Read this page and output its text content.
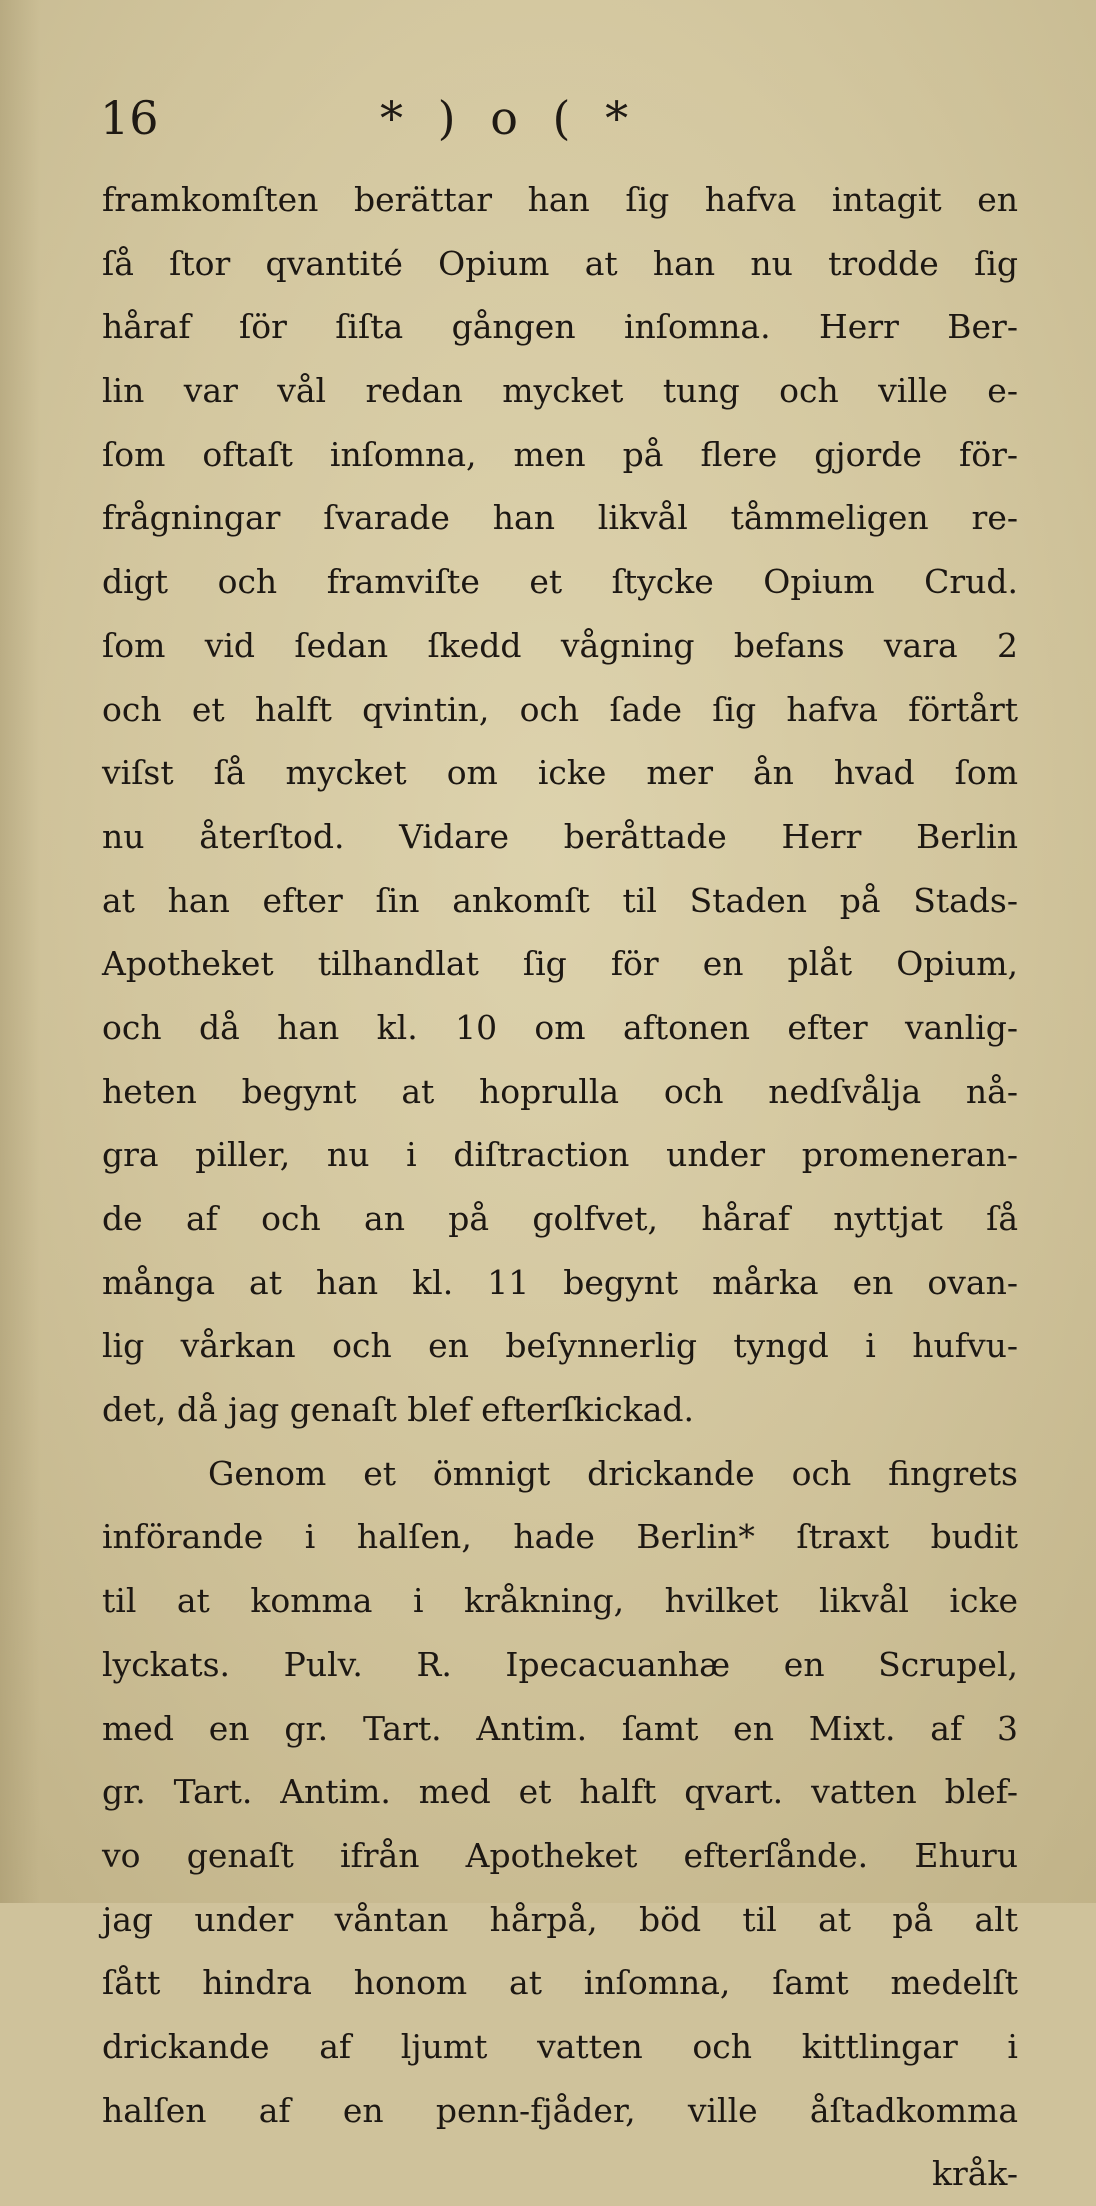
16	* ) o ( *
framkomſten berättar han ſig hafva intagit en
ſå ſtor qvantité Opium at han nu trodde ſig
håraf ſör ſiſta gången inſomna. Herr Ber-
lin var vål redan mycket tung och ville e-
ſom oftaſt inſomna, men på flere gjorde för-
frågningar ſvarade han likvål tåmmeligen re-
digt och framviſte et ſtycke Opium Crud.
ſom vid ſedan ſkedd vågning befans vara 2
och et halft qvintin, och ſade ſig hafva förtårt
viſst ſå mycket om icke mer ån hvad ſom
nu återſtod. Vidare beråttade Herr Berlin
at han efter ſin ankomſt til Staden på Stads-
Apotheket tilhandlat ſig för en plåt Opium,
och då han kl. 10 om aftonen efter vanlig-
heten begynt at hoprulla och nedſvålja nå-
gra piller, nu i diſtraction under promeneran-
de af och an på golfvet, håraf nyttjat ſå
många at han kl. 11 begynt mårka en ovan-
lig vårkan och en beſynnerlig tyngd i hufvu-
det, då jag genaſt blef efterſkickad.
Genom et ömnigt drickande och fingrets
införande i halſen, hade Berlin* ſtraxt budit
til at komma i kråkning, hvilket likvål icke
lyckats. Pulv. R. Ipecacuanhæ en Scrupel,
med en gr. Tart. Antim. ſamt en Mixt. af 3
gr. Tart. Antim. med et halft qvart. vatten blef-
vo genaſt ifrån Apotheket efterſånde. Ehuru
jag under våntan hårpå, böd til at på alt
ſått hindra honom at inſomna, ſamt medelſt
drickande af ljumt vatten och kittlingar i
halſen af en penn-fjåder, ville åſtadkomma
kråk-
